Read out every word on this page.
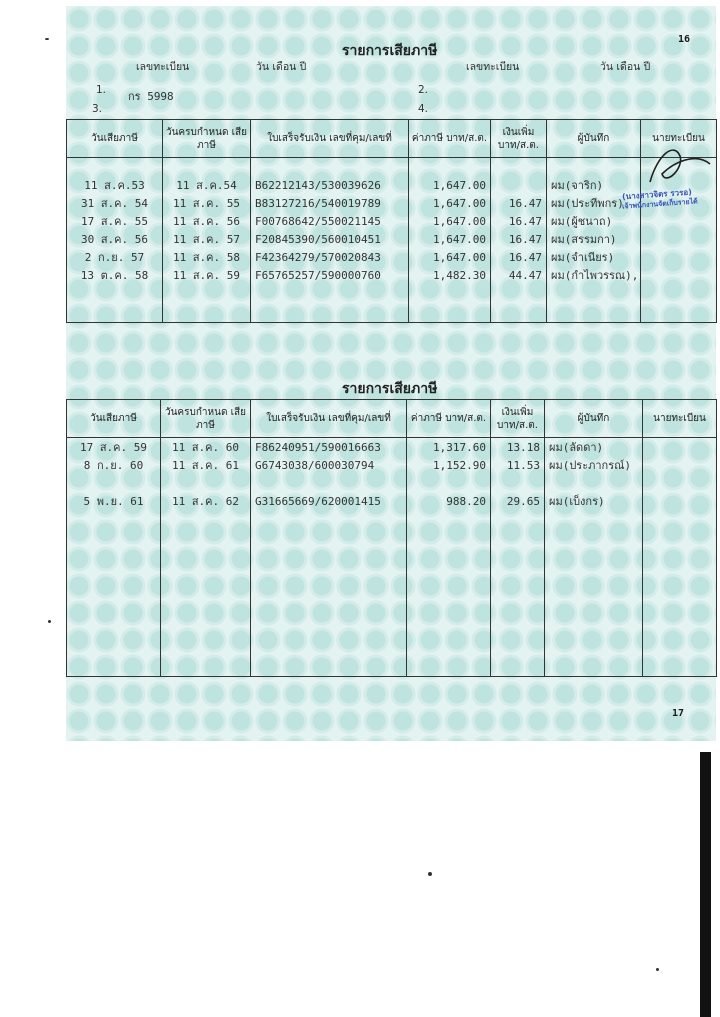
16
รายการเสียภาษี
เลขทะเบียน	วัน เดือน ปี	เลขทะเบียน	วัน เดือน ปี
1. กร 5998	2.
3.	4.
วันเสียภาษี	วันครบกำหนด เสียภาษี	ใบเสร็จรับเงิน เลขที่คุม/เลขที่	ค่าภาษี บาท/ส.ต.	เงินเพิ่ม บาท/ส.ต.	ผู้บันทึก	นายทะเบียน

11 ส.ค.53	11 ส.ค.54	B62212143/530039626	1,647.00		ผม(จาริก)	
31 ส.ค. 54	11 ส.ค. 55	B83127216/540019789	1,647.00	16.47	ผม(ประทีพกร)	
17 ส.ค. 55	11 ส.ค. 56	F00768642/550021145	1,647.00	16.47	ผม(ผู้ชนาถ)	
30 ส.ค. 56	11 ส.ค. 57	F20845390/560010451	1,647.00	16.47	ผม(สรรมกา)	
2 ก.ย. 57	11 ส.ค. 58	F42364279/570020843	1,647.00	16.47	ผม(จำเนียร)	
13 ต.ค. 58	11 ส.ค. 59	F65765257/590000760	1,482.30	44.47	ผม(กำไพวรรณ),	

(นางสาวจิตร รวรอ)
เจ้าพนักงานจัดเก็บรายได้
รายการเสียภาษี
วันเสียภาษี	วันครบกำหนด เสียภาษี	ใบเสร็จรับเงิน เลขที่คุม/เลขที่	ค่าภาษี บาท/ส.ต.	เงินเพิ่ม บาท/ส.ต.	ผู้บันทึก	นายทะเบียน
17 ส.ค. 59	11 ส.ค. 60	F86240951/590016663	1,317.60	13.18	ผม(ลัดดา)	
8 ก.ย. 60	11 ส.ค. 61	G6743038/600030794	1,152.90	11.53	ผม(ประภากรณ์)	

5 พ.ย. 61	11 ส.ค. 62	G31665669/620001415	988.20	29.65	ผม(เบ็งกร)	

17
